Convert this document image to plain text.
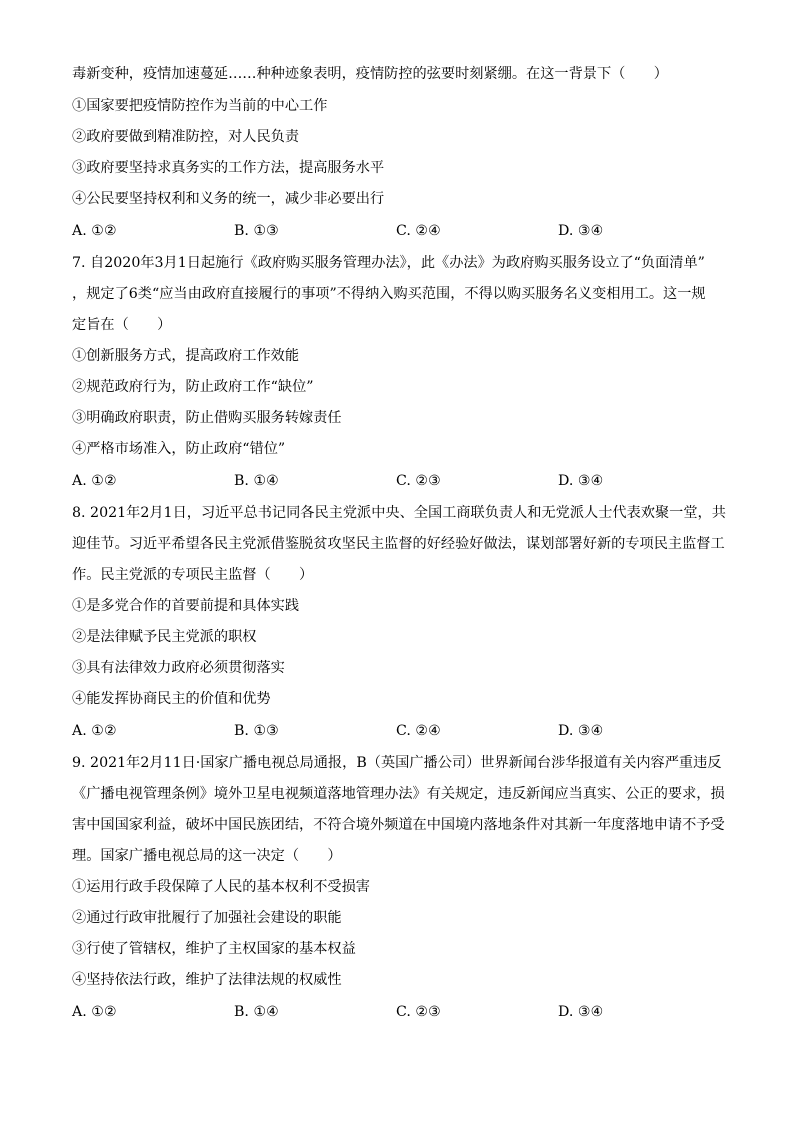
毒新变种，疫情加速蔓延……种种迹象表明，疫情防控的弦要时刻紧绷。在这一背景下（　　）
①国家要把疫情防控作为当前的中心工作
②政府要做到精准防控，对人民负责
③政府要坚持求真务实的工作方法，提高服务水平
④公民要坚持权利和义务的统一，减少非必要出行
A. ①②	B. ①③	C. ②④	D. ③④
7. 自2020年3月1日起施行《政府购买服务管理办法》，此《办法》为政府购买服务设立了“负面清单”
，规定了6类“应当由政府直接履行的事项”不得纳入购买范围，不得以购买服务名义变相用工。这一规
定旨在（　　）
①创新服务方式，提高政府工作效能
②规范政府行为，防止政府工作“缺位”
③明确政府职责，防止借购买服务转嫁责任
④严格市场准入，防止政府“错位”
A. ①②	B. ①④	C. ②③	D. ③④
8. 2021年2月1日，习近平总书记同各民主党派中央、全国工商联负责人和无党派人士代表欢聚一堂，共
迎佳节。习近平希望各民主党派借鉴脱贫攻坚民主监督的好经验好做法，谋划部署好新的专项民主监督工
作。民主党派的专项民主监督（　　）
①是多党合作的首要前提和具体实践
②是法律赋予民主党派的职权
③具有法律效力政府必须贯彻落实
④能发挥协商民主的价值和优势
A. ①②	B. ①③	C. ②④	D. ③④
9. 2021年2月11日·国家广播电视总局通报，B（英国广播公司）世界新闻台涉华报道有关内容严重违反
《广播电视管理条例》境外卫星电视频道落地管理办法》有关规定，违反新闻应当真实、公正的要求，损
害中国国家利益，破坏中国民族团结，不符合境外频道在中国境内落地条件对其新一年度落地申请不予受
理。国家广播电视总局的这一决定（　　）
①运用行政手段保障了人民的基本权利不受损害
②通过行政审批履行了加强社会建设的职能
③行使了管辖权，维护了主权国家的基本权益
④坚持依法行政，维护了法律法规的权威性
A. ①②	B. ①④	C. ②③	D. ③④
